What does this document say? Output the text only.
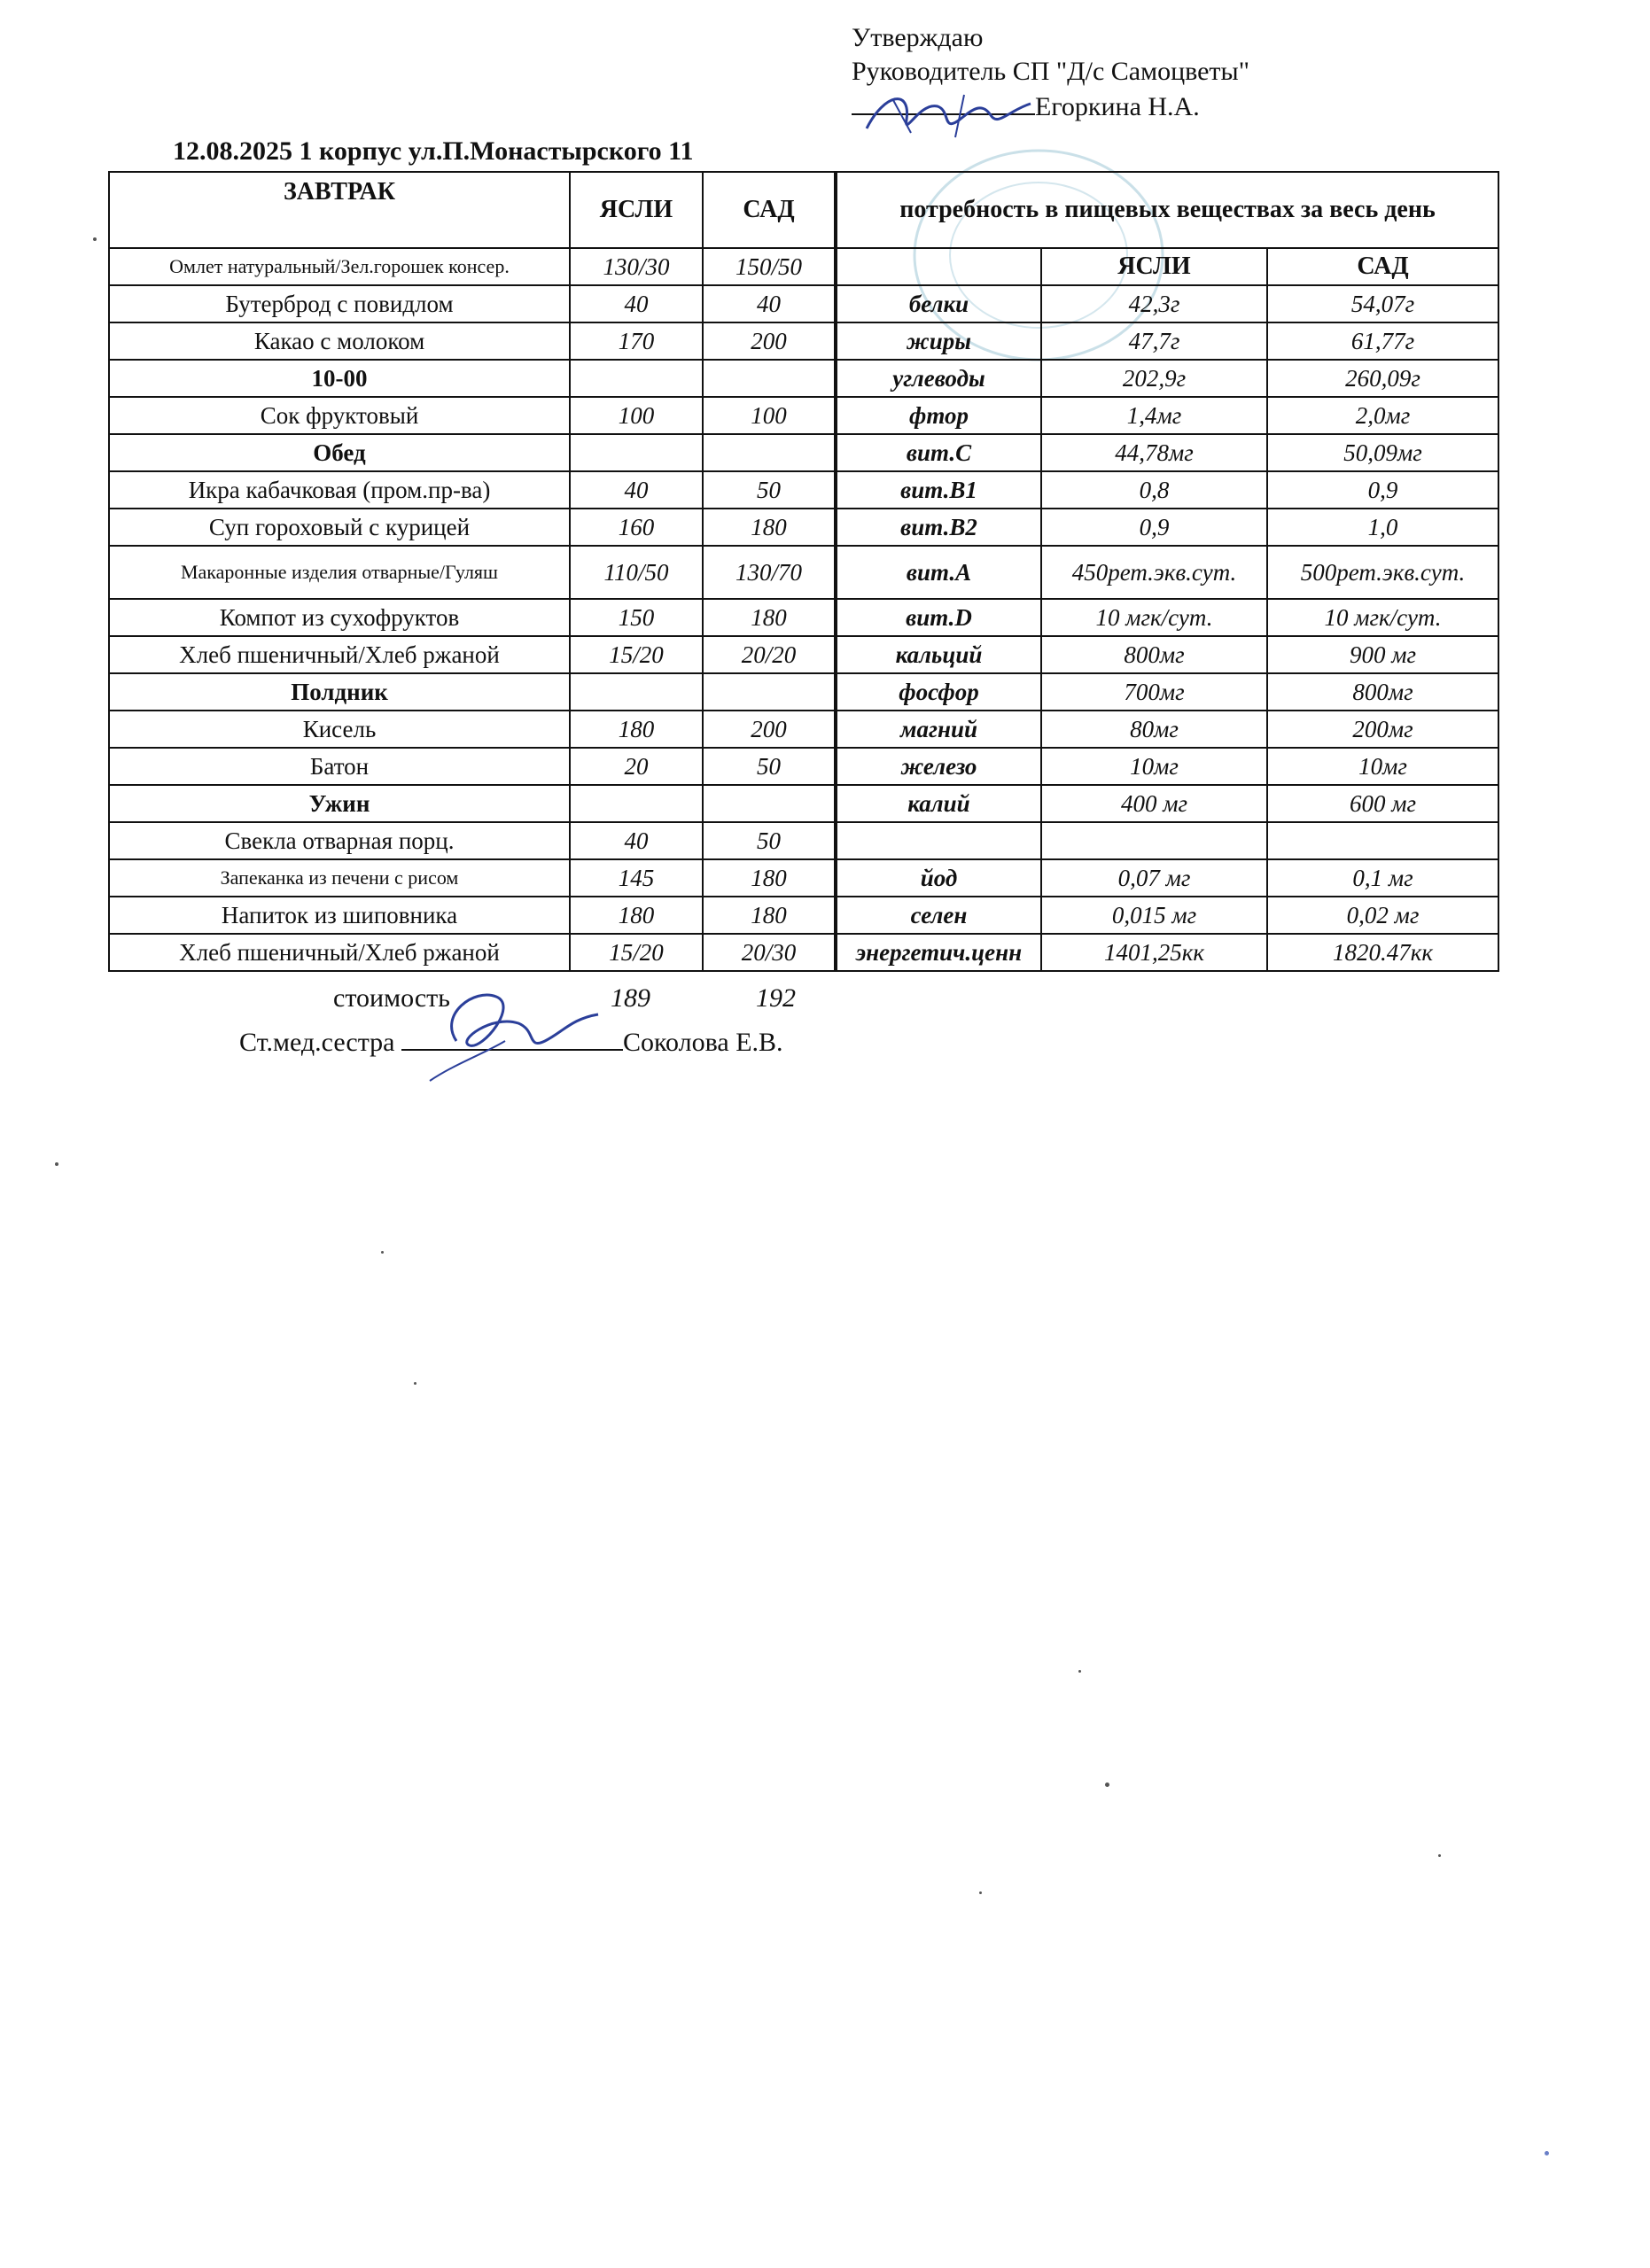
Утверждаю
Руководитель СП "Д/с Самоцветы"
Егоркина Н.А.
12.08.2025 1 корпус ул.П.Монастырского 11
ЗАВТРАК	ЯСЛИ	САД	потребность в пищевых веществах за весь день		
Омлет натуральный/Зел.горошек консер.	130/30	150/50		ЯСЛИ	САД
Бутерброд с повидлом	40	40	белки	42,3г	54,07г
Какао с молоком	170	200	жиры	47,7г	61,77г
10-00			углеводы	202,9г	260,09г
Сок фруктовый	100	100	фтор	1,4мг	2,0мг
Обед			вит.С	44,78мг	50,09мг
Икра кабачковая (пром.пр-ва)	40	50	вит.В1	0,8	0,9
Суп гороховый с курицей	160	180	вит.В2	0,9	1,0
Макаронные изделия отварные/Гуляш	110/50	130/70	вит.А	450рет.экв.сут.	500рет.экв.сут.
Компот из сухофруктов	150	180	вит.D	10 мгк/сут.	10 мгк/сут.
Хлеб пшеничный/Хлеб ржаной	15/20	20/20	кальций	800мг	900 мг
Полдник			фосфор	700мг	800мг
Кисель	180	200	магний	80мг	200мг
Батон	20	50	железо	10мг	10мг
Ужин			калий	400 мг	600 мг
Свекла отварная порц.	40	50			
Запеканка из печени с рисом	145	180	йод	0,07 мг	0,1 мг
Напиток из шиповника	180	180	селен	0,015 мг	0,02 мг
Хлеб пшеничный/Хлеб ржаной	15/20	20/30	энергетич.ценн	1401,25кк	1820.47кк
стоимость	189	192
Ст.мед.сестра	Соколова Е.В.
